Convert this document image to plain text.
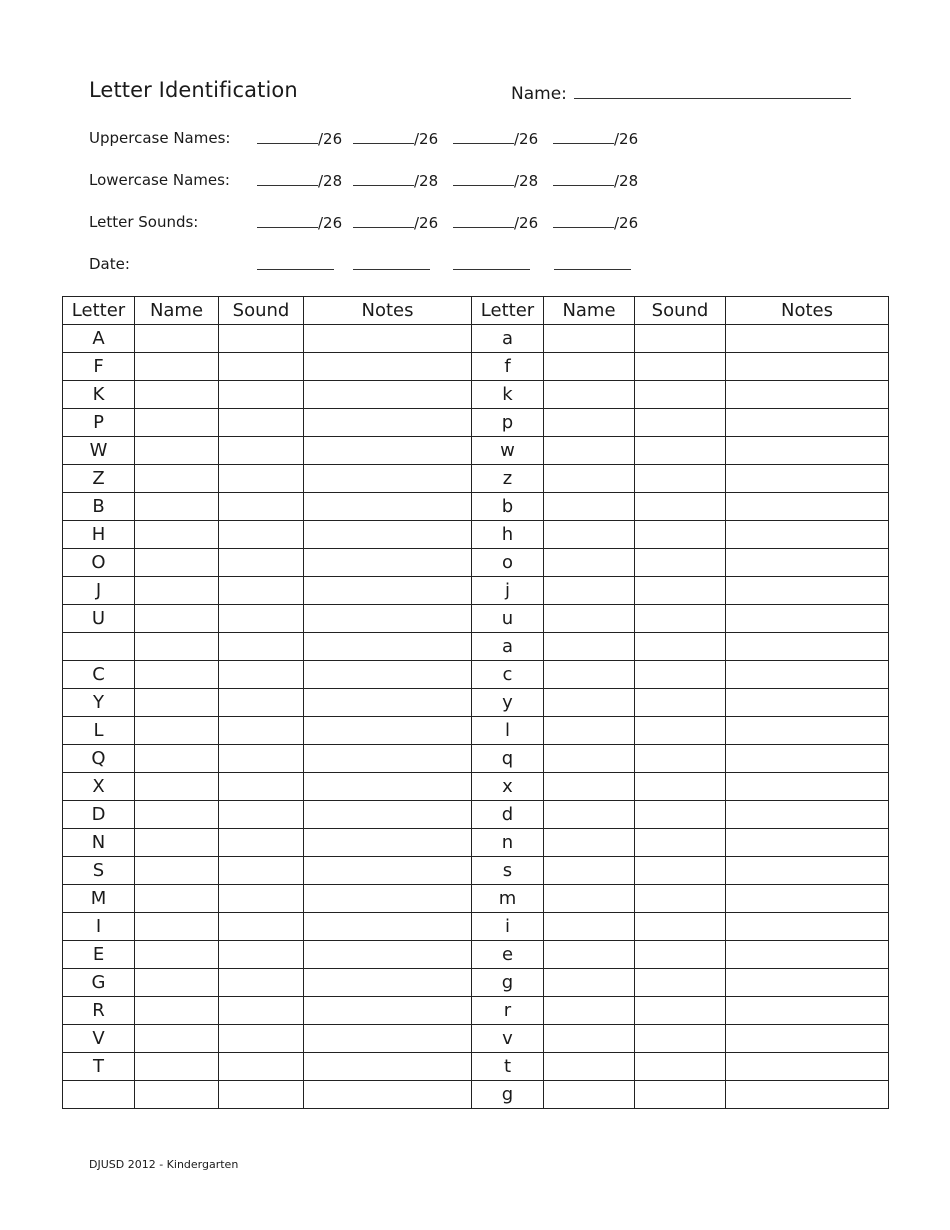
Letter Identification	Name:
Uppercase Names:	/26	/26	/26	/26
Lowercase Names:	/28	/28	/28	/28
Letter Sounds:	/26	/26	/26	/26
Date:
Letter	Name	Sound	Notes	Letter	Name	Sound	Notes
A				a			
F				f			
K				k			
P				p			
W				w			
Z				z			
B				b			
H				h			
O				o			
J				j			
U				u			
				a			
C				c			
Y				y			
L				l			
Q				q			
X				x			
D				d			
N				n			
S				s			
M				m			
I				i			
E				e			
G				g			
R				r			
V				v			
T				t			
				g			
DJUSD 2012 - Kindergarten
